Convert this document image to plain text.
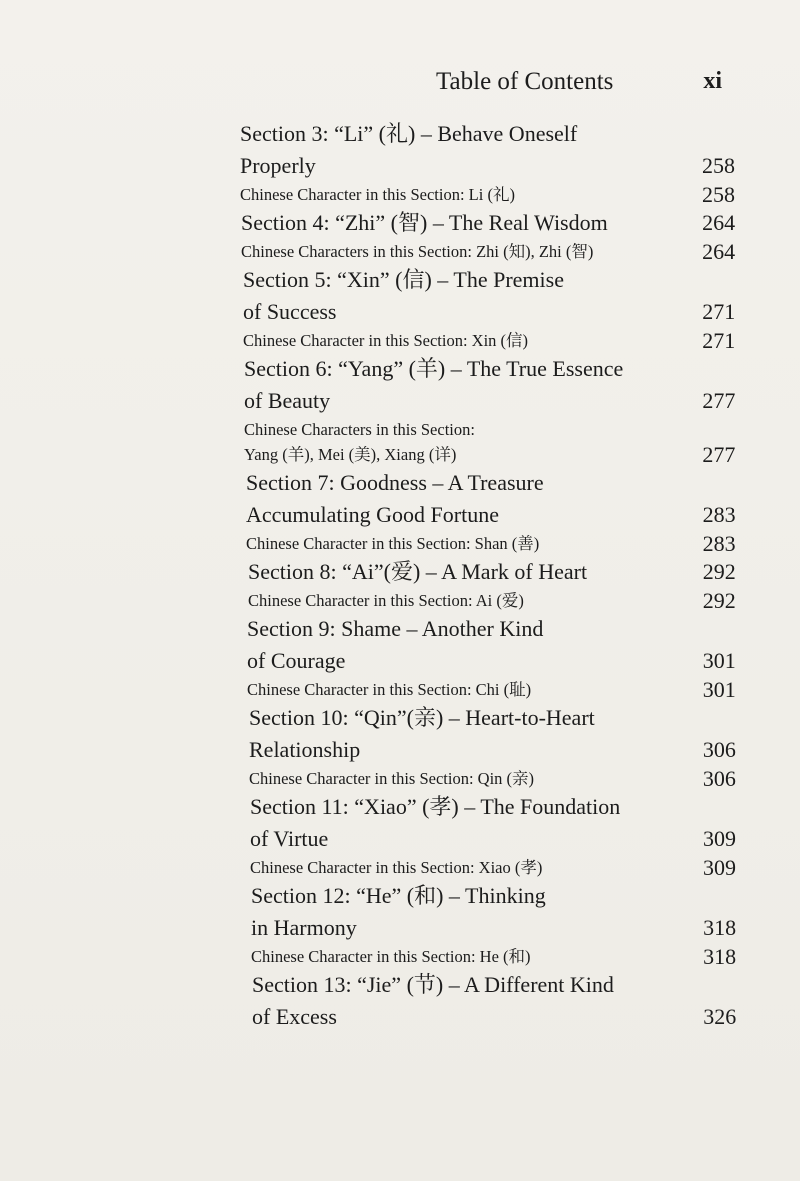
Table of Contents	xi
Section 3: “Li” (礼) – Behave Oneself
Properly	258
Chinese Character in this Section: Li (礼)	258
Section 4: “Zhi” (智) – The Real Wisdom	264
Chinese Characters in this Section: Zhi (知), Zhi (智)	264
Section 5: “Xin” (信) – The Premise
of Success	271
Chinese Character in this Section: Xin (信)	271
Section 6: “Yang” (羊) – The True Essence
of Beauty	277
Chinese Characters in this Section:
Yang (羊), Mei (美), Xiang (详)	277
Section 7: Goodness – A Treasure
Accumulating Good Fortune	283
Chinese Character in this Section: Shan (善)	283
Section 8: “Ai”(爱) – A Mark of Heart	292
Chinese Character in this Section: Ai (爱)	292
Section 9: Shame – Another Kind
of Courage	301
Chinese Character in this Section: Chi (耻)	301
Section 10: “Qin”(亲) – Heart-to-Heart
Relationship	306
Chinese Character in this Section: Qin (亲)	306
Section 11: “Xiao” (孝) – The Foundation
of Virtue	309
Chinese Character in this Section: Xiao (孝)	309
Section 12: “He” (和) – Thinking
in Harmony	318
Chinese Character in this Section: He (和)	318
Section 13: “Jie” (节) – A Different Kind
of Excess	326
